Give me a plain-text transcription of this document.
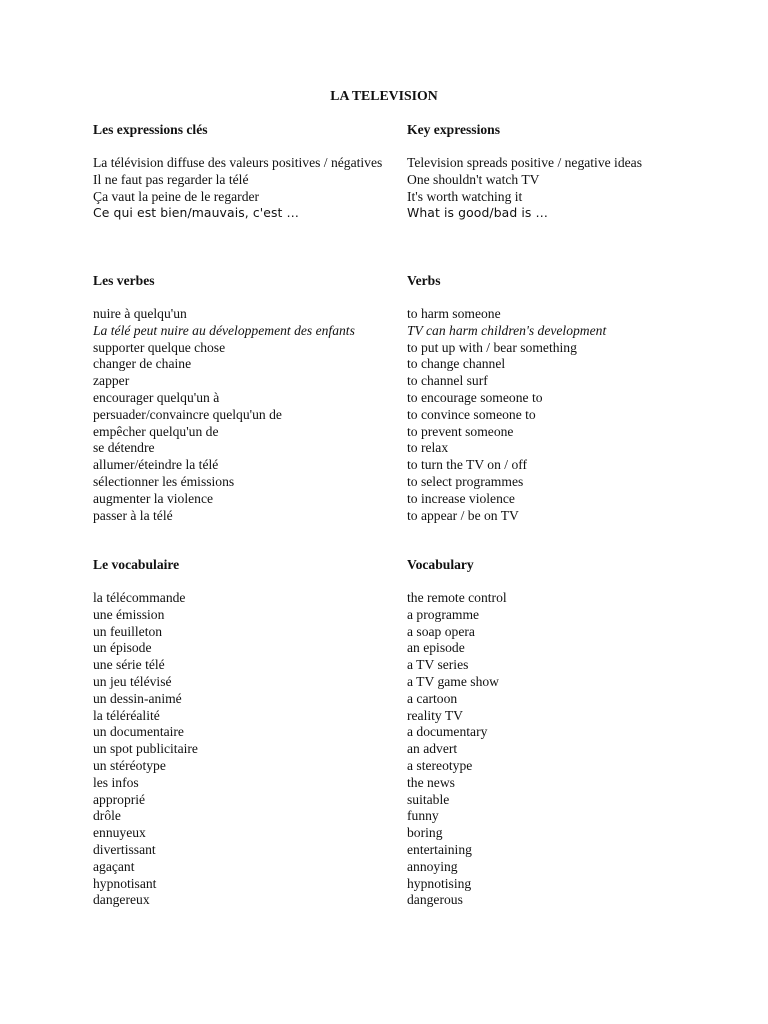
LA TELEVISION
Les expressions clés	Key expressions
La télévision diffuse des valeurs positives / négatives	Television spreads positive / negative ideas
Il ne faut pas regarder la télé	One shouldn't watch TV
Ça vaut la peine de le regarder	It's worth watching it
Ce qui est bien/mauvais, c'est …	What is good/bad is …
Les verbes	Verbs
nuire à quelqu'un	to harm someone
La télé peut nuire au développement des enfants	TV can harm children's development
supporter quelque chose	to put up with / bear something
changer de chaine	to change channel
zapper	to channel surf
encourager quelqu'un à	to encourage someone to
persuader/convaincre quelqu'un de	to convince someone to
empêcher quelqu'un de	to prevent someone
se détendre	to relax
allumer/éteindre la télé	to turn the TV on / off
sélectionner les émissions	to select programmes
augmenter la violence	to increase violence
passer à la télé	to appear / be on TV
Le vocabulaire	Vocabulary
la télécommande	the remote control
une émission	a programme
un feuilleton	a soap opera
un épisode	an episode
une série télé	a TV series
un jeu télévisé	a TV game show
un dessin-animé	a cartoon
la téléréalité	reality TV
un documentaire	a documentary
un spot publicitaire	an advert
un stéréotype	a stereotype
les infos	the news
approprié	suitable
drôle	funny
ennuyeux	boring
divertissant	entertaining
agaçant	annoying
hypnotisant	hypnotising
dangereux	dangerous
